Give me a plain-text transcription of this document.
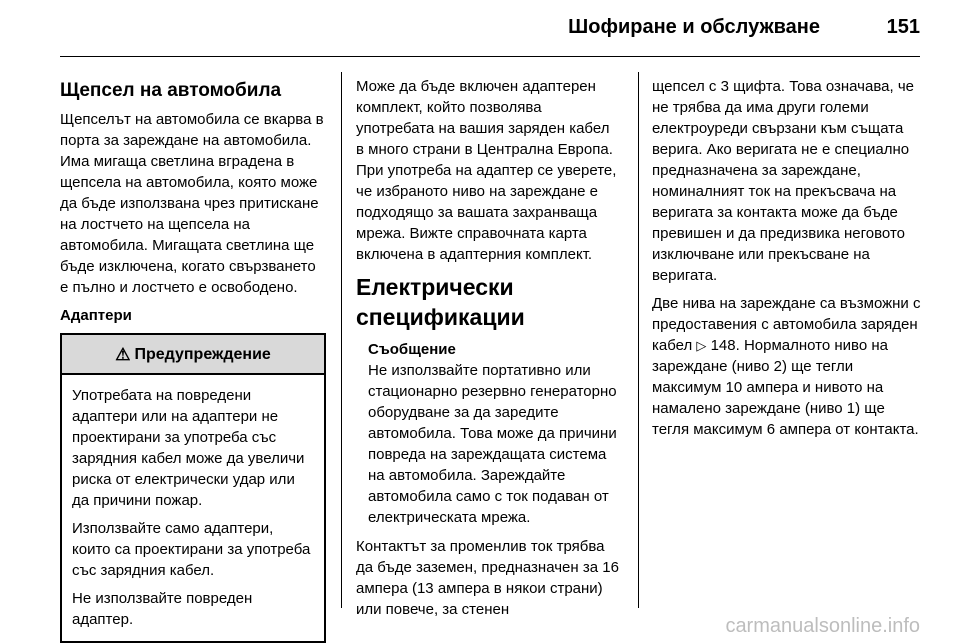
Шофиране и обслужване	151

Щепсел на автомобила

Щепселът на автомобила се вкарва в порта за зареждане на автомобила. Има мигаща светлина вградена в щепсела на автомобила, която може да бъде използвана чрез притискане на лостчето на щепсела на автомобила. Мигащата светлина ще бъде изключена, когато свързването е пълно и лостчето е освободено.

Адаптери

⚠ Предупреждение

Употребата на повредени адаптери или на адаптери не проектирани за употреба със зарядния кабел може да увеличи риска от електрически удар или да причини пожар.

Използвайте само адаптери, които са проектирани за употреба със зарядния кабел.

Не използвайте повреден адаптер.

Може да бъде включен адаптерен комплект, който позволява употребата на вашия заряден кабел в много страни в Централна Европа. При употреба на адаптер се уверете, че избраното ниво на зареждане е подходящо за вашата захранваща мрежа. Вижте справочната карта включена в адаптерния комплект.

Електрически спецификации

Съобщение

Не използвайте портативно или стационарно резервно генераторно оборудване за да заредите автомобила. Това може да причини повреда на зареждащата система на автомобила. Зареждайте автомобила само с ток подаван от електрическата мрежа.

Контактът за променлив ток трябва да бъде заземен, предназначен за 16 ампера (13 ампера в някои страни) или повече, за стенен

щепсел с 3 щифта. Това означава, че не трябва да има други големи електроуреди свързани към същата верига. Ако веригата не е специално предназначена за зареждане, номиналният ток на прекъсвача на веригата за контакта може да бъде превишен и да предизвика неговото изключване или прекъсване на веригата.

Две нива на зареждане са възможни с предоставения с автомобила заряден кабел ▷ 148. Нормалното ниво на зареждане (ниво 2) ще тегли максимум 10 ампера и нивото на намалено зареждане (ниво 1) ще тегля максимум 6 ампера от контакта.

carmanualsonline.info
